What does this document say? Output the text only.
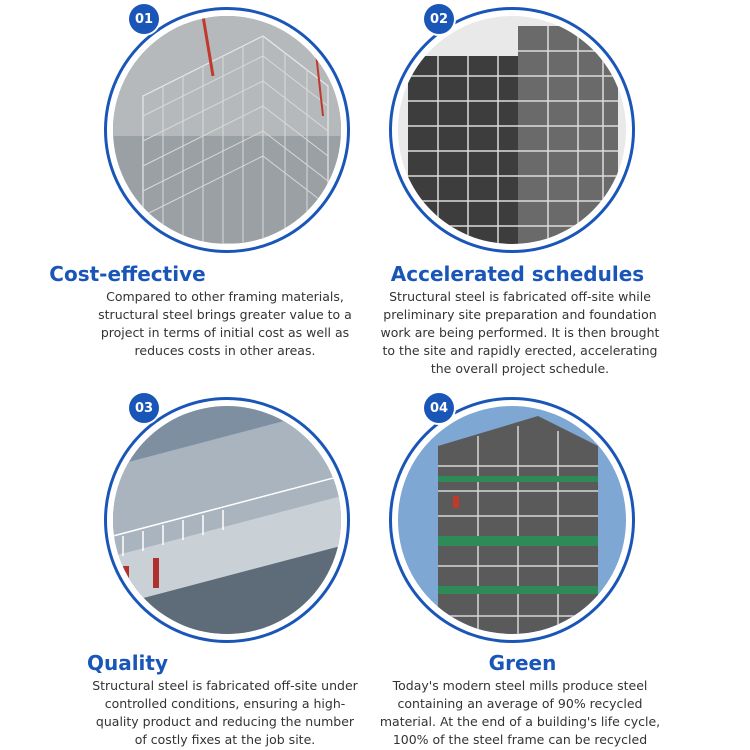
01
Cost-effective

Compared to other framing materials, structural steel brings greater value to a project in terms of initial cost as well as reduces costs in other areas.

02
Accelerated schedules

Structural steel is fabricated off-site while preliminary site preparation and foundation work are being performed. It is then brought to the site and rapidly erected, accelerating the overall project schedule.

03
Quality

Structural steel is fabricated off-site under controlled conditions, ensuring a high-quality product and reducing the number of costly fixes at the job site.

04
Green

Today's modern steel mills produce steel containing an average of 90% recycled material. At the end of a building's life cycle, 100% of the steel frame can be recycled
